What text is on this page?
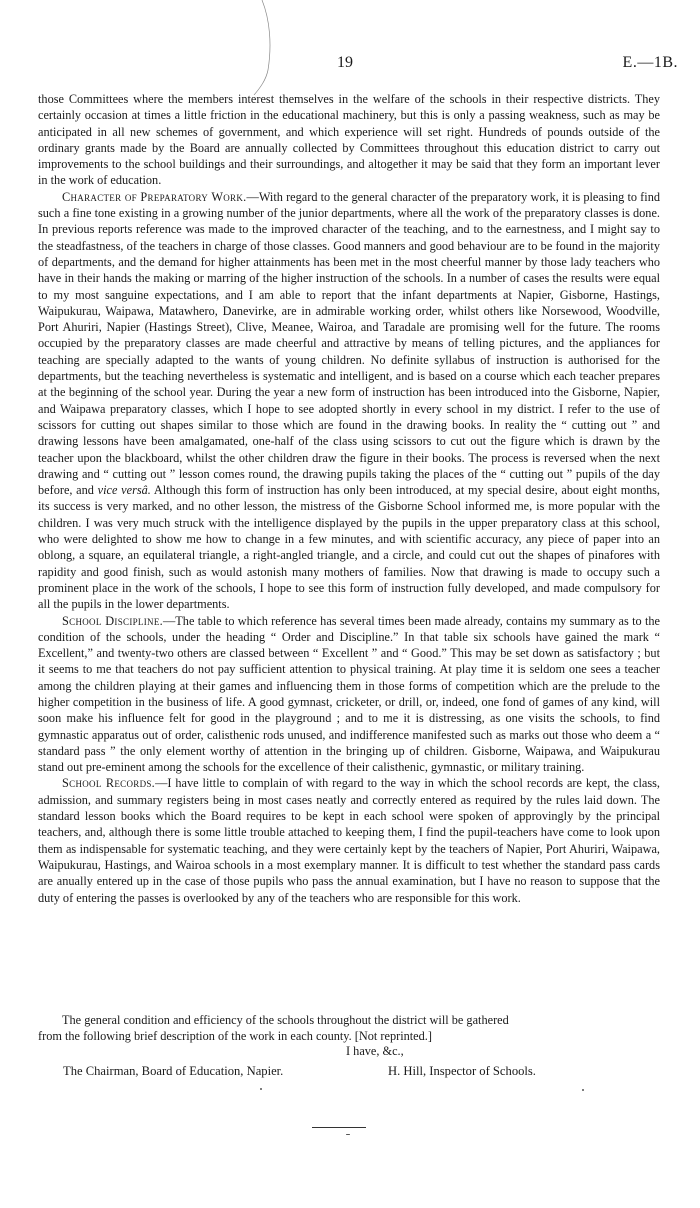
19	E.—1B.

those Committees where the members interest themselves in the welfare of the schools in their respective districts. They certainly occasion at times a little friction in the educational machinery, but this is only a passing weakness, such as may be anticipated in all new schemes of government, and which experience will set right. Hundreds of pounds outside of the ordinary grants made by the Board are annually collected by Committees throughout this education district to carry out improvements to the school buildings and their surroundings, and altogether it may be said that they form an important lever in the work of education.

Character of Preparatory Work.—With regard to the general character of the preparatory work, it is pleasing to find such a fine tone existing in a growing number of the junior departments, where all the work of the preparatory classes is done. In previous reports reference was made to the improved character of the teaching, and to the earnestness, and I might say to the steadfastness, of the teachers in charge of those classes. Good manners and good behaviour are to be found in the majority of departments, and the demand for higher attainments has been met in the most cheerful manner by those lady teachers who have in their hands the making or marring of the higher instruction of the schools. In a number of cases the results were equal to my most sanguine expectations, and I am able to report that the infant departments at Napier, Gisborne, Hastings, Waipukurau, Waipawa, Matawhero, Danevirke, are in admirable working order, whilst others like Norsewood, Woodville, Port Ahuriri, Napier (Hastings Street), Clive, Meanee, Wairoa, and Taradale are promising well for the future. The rooms occupied by the preparatory classes are made cheerful and attractive by means of telling pictures, and the appliances for teaching are specially adapted to the wants of young children. No definite syllabus of instruction is authorised for the departments, but the teaching nevertheless is systematic and intelligent, and is based on a course which each teacher prepares at the beginning of the school year. During the year a new form of instruction has been introduced into the Gisborne, Napier, and Waipawa preparatory classes, which I hope to see adopted shortly in every school in my district. I refer to the use of scissors for cutting out shapes similar to those which are found in the drawing books. In reality the “ cutting out ” and drawing lessons have been amalgamated, one-half of the class using scissors to cut out the figure which is drawn by the teacher upon the blackboard, whilst the other children draw the figure in their books. The process is reversed when the next drawing and “ cutting out ” lesson comes round, the drawing pupils taking the places of the “ cutting out ” pupils of the day before, and vice versâ. Although this form of instruction has only been introduced, at my special desire, about eight months, its success is very marked, and no other lesson, the mistress of the Gisborne School informed me, is more popular with the children. I was very much struck with the intelligence displayed by the pupils in the upper preparatory class at this school, who were delighted to show me how to change in a few minutes, and with scientific accuracy, any piece of paper into an oblong, a square, an equilateral triangle, a right-angled triangle, and a circle, and could cut out the shapes of pinafores with rapidity and good finish, such as would astonish many mothers of families. Now that drawing is made to occupy such a prominent place in the work of the schools, I hope to see this form of instruction fully developed, and made compulsory for all the pupils in the lower departments.

School Discipline.—The table to which reference has several times been made already, contains my summary as to the condition of the schools, under the heading “ Order and Discipline.” In that table six schools have gained the mark “ Excellent,” and twenty-two others are classed between “ Excellent ” and “ Good.” This may be set down as satisfactory ; but it seems to me that teachers do not pay sufficient attention to physical training. At play time it is seldom one sees a teacher among the children playing at their games and influencing them in those forms of competition which are the prelude to the higher competition in the business of life. A good gymnast, cricketer, or drill, or, indeed, one fond of games of any kind, will soon make his influence felt for good in the playground ; and to me it is distressing, as one visits the schools, to find gymnastic apparatus out of order, calisthenic rods unused, and indifference manifested such as marks out those who deem a “ standard pass ” the only element worthy of attention in the bringing up of children. Gisborne, Waipawa, and Waipukurau stand out pre-eminent among the schools for the excellence of their calisthenic, gymnastic, or military training.

School Records.—I have little to complain of with regard to the way in which the school records are kept, the class, admission, and summary registers being in most cases neatly and correctly entered as required by the rules laid down. The standard lesson books which the Board requires to be kept in each school were spoken of approvingly by the principal teachers, and, although there is some little trouble attached to keeping them, I find the pupil-teachers have come to look upon them as indispensable for systematic teaching, and they were certainly kept by the teachers of Napier, Port Ahuriri, Waipawa, Waipukurau, Hastings, and Wairoa schools in a most exemplary manner. It is difficult to test whether the standard pass cards are anually entered up in the case of those pupils who pass the annual examination, but I have no reason to suppose that the duty of entering the passes is overlooked by any of the teachers who are responsible for this work.

The general condition and efficiency of the schools throughout the district will be gathered
from the following brief description of the work in each county. [Not reprinted.]
I have, &c.,
The Chairman, Board of Education, Napier.	H. Hill, Inspector of Schools.
